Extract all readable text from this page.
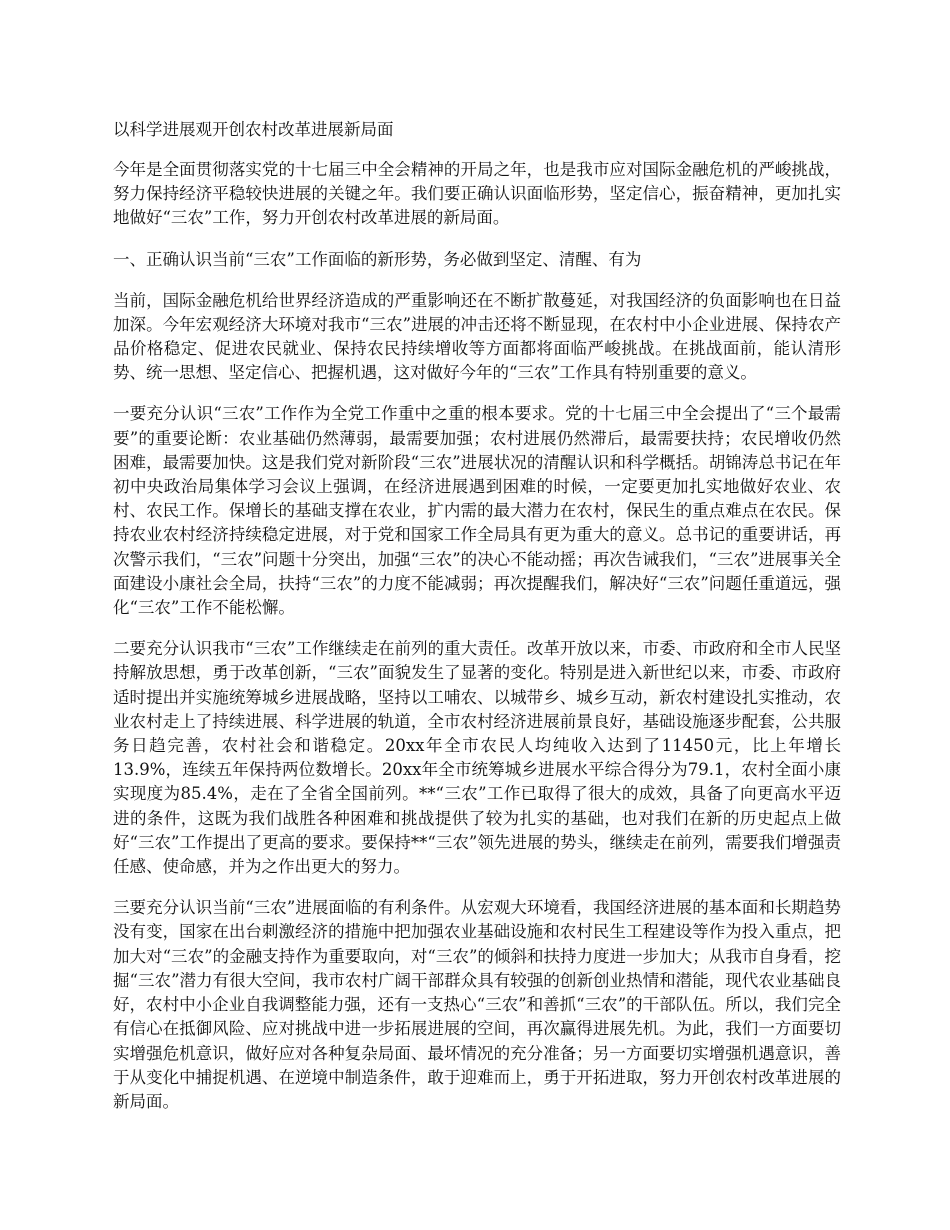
以科学进展观开创农村改革进展新局面

今年是全面贯彻落实党的十七届三中全会精神的开局之年，也是我市应对国际金融危机的严峻挑战，努力保持经济平稳较快进展的关键之年。我们要正确认识面临形势，坚定信心，振奋精神，更加扎实地做好“三农”工作，努力开创农村改革进展的新局面。

一、正确认识当前“三农”工作面临的新形势，务必做到坚定、清醒、有为

当前，国际金融危机给世界经济造成的严重影响还在不断扩散蔓延，对我国经济的负面影响也在日益加深。今年宏观经济大环境对我市“三农”进展的冲击还将不断显现，在农村中小企业进展、保持农产品价格稳定、促进农民就业、保持农民持续增收等方面都将面临严峻挑战。在挑战面前，能认清形势、统一思想、坚定信心、把握机遇，这对做好今年的“三农”工作具有特别重要的意义。

一要充分认识“三农”工作作为全党工作重中之重的根本要求。党的十七届三中全会提出了“三个最需要”的重要论断：农业基础仍然薄弱，最需要加强；农村进展仍然滞后，最需要扶持；农民增收仍然困难，最需要加快。这是我们党对新阶段“三农”进展状况的清醒认识和科学概括。胡锦涛总书记在年初中央政治局集体学习会议上强调，在经济进展遇到困难的时候，一定要更加扎实地做好农业、农村、农民工作。保增长的基础支撑在农业，扩内需的最大潜力在农村，保民生的重点难点在农民。保持农业农村经济持续稳定进展，对于党和国家工作全局具有更为重大的意义。总书记的重要讲话，再次警示我们，“三农”问题十分突出，加强“三农”的决心不能动摇；再次告诫我们，“三农”进展事关全面建设小康社会全局，扶持“三农”的力度不能减弱；再次提醒我们，解决好“三农”问题任重道远，强化“三农”工作不能松懈。

二要充分认识我市“三农”工作继续走在前列的重大责任。改革开放以来，市委、市政府和全市人民坚持解放思想，勇于改革创新，“三农”面貌发生了显著的变化。特别是进入新世纪以来，市委、市政府适时提出并实施统筹城乡进展战略，坚持以工哺农、以城带乡、城乡互动，新农村建设扎实推动，农业农村走上了持续进展、科学进展的轨道，全市农村经济进展前景良好，基础设施逐步配套，公共服务日趋完善，农村社会和谐稳定。20xx年全市农民人均纯收入达到了11450元，比上年增长13.9%，连续五年保持两位数增长。20xx年全市统筹城乡进展水平综合得分为79.1，农村全面小康实现度为85.4%，走在了全省全国前列。**“三农”工作已取得了很大的成效，具备了向更高水平迈进的条件，这既为我们战胜各种困难和挑战提供了较为扎实的基础，也对我们在新的历史起点上做好“三农”工作提出了更高的要求。要保持**“三农”领先进展的势头，继续走在前列，需要我们增强责任感、使命感，并为之作出更大的努力。

三要充分认识当前“三农”进展面临的有利条件。从宏观大环境看，我国经济进展的基本面和长期趋势没有变，国家在出台刺激经济的措施中把加强农业基础设施和农村民生工程建设等作为投入重点，把加大对“三农”的金融支持作为重要取向，对“三农”的倾斜和扶持力度进一步加大；从我市自身看，挖掘“三农”潜力有很大空间，我市农村广阔干部群众具有较强的创新创业热情和潜能，现代农业基础良好，农村中小企业自我调整能力强，还有一支热心“三农”和善抓“三农”的干部队伍。所以，我们完全有信心在抵御风险、应对挑战中进一步拓展进展的空间，再次赢得进展先机。为此，我们一方面要切实增强危机意识，做好应对各种复杂局面、最坏情况的充分准备；另一方面要切实增强机遇意识，善于从变化中捕捉机遇、在逆境中制造条件，敢于迎难而上，勇于开拓进取，努力开创农村改革进展的新局面。
